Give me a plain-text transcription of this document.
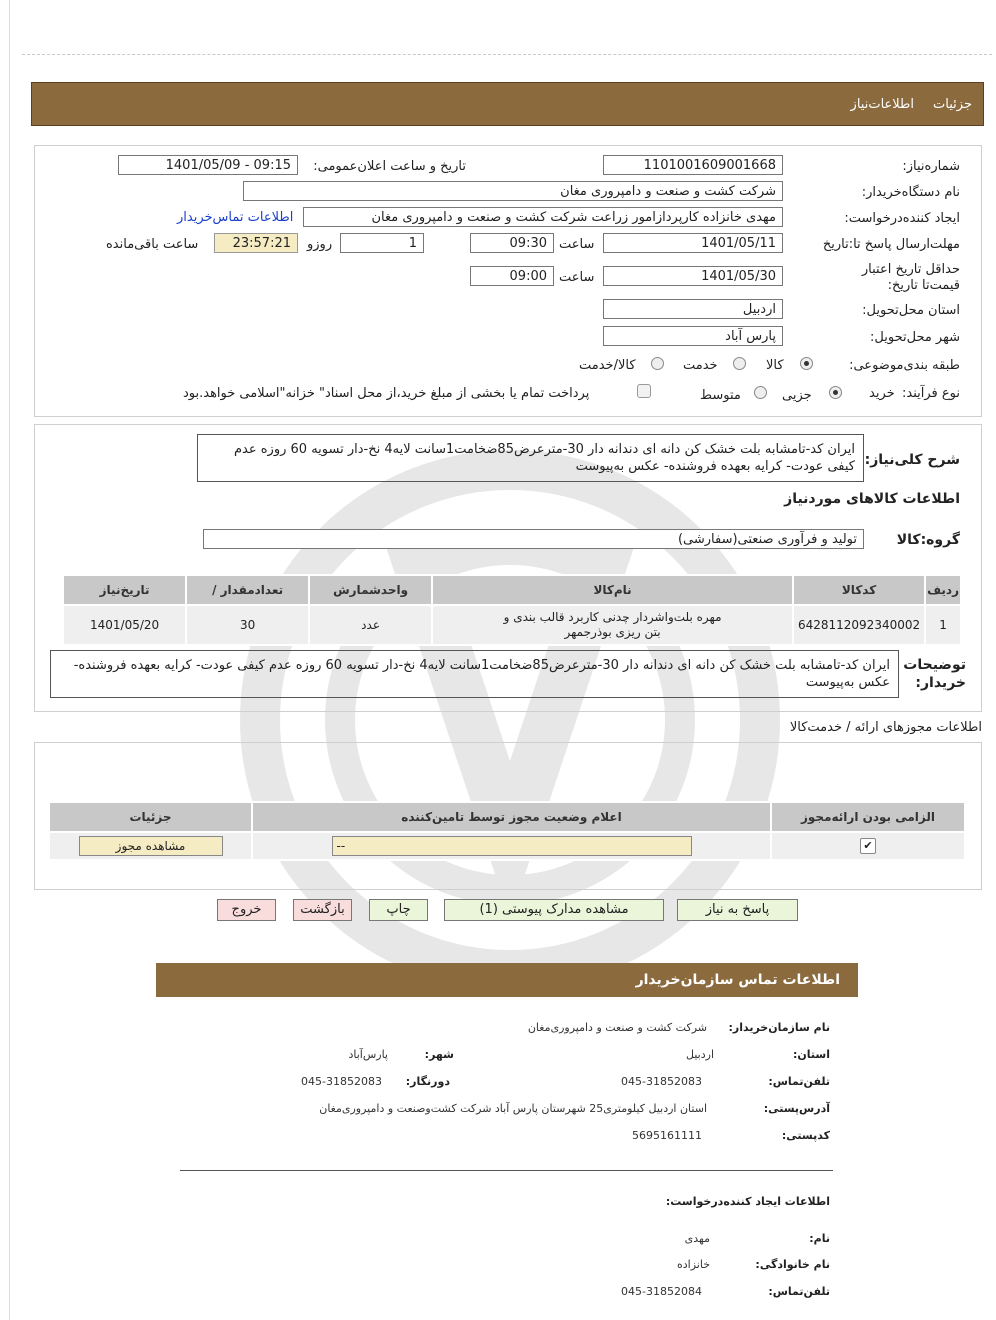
جزئیات
اطلاعات‌نیاز
شماره‌نیاز:
1101001609001668
تاریخ و ساعت اعلان‌عمومی:
1401/05/09 - 09:15
نام دستگاه‌خریدار:
شرکت کشت و صنعت و دامپروری مغان
ایجاد کننده‌درخواست:
مهدی خانزاده کارپردازامور زراعت شرکت کشت و صنعت و دامپروری مغان
اطلاعات تماس‌خریدار
مهلت‌ارسال پاسخ تا:تاریخ
1401/05/11
ساعت
09:30
1
روزو
23:57:21
ساعت باقی‌مانده
حداقل تاریخ اعتبار قیمت‌تا تاریخ:
1401/05/30
ساعت
09:00
استان محل‌تحویل:
اردبیل
شهر محل‌تحویل:
پارس آباد
طبقه بندی‌موضوعی:
کالا
خدمت
کالا/خدمت
نوع فرآیند:
خرید
جزیی
متوسط
پرداخت تمام یا بخشی از مبلغ خرید،از محل اسناد" خزانه"اسلامی خواهد.بود
شرح کلی‌نیاز:
ایران کد-تامشابه بلت خشک کن دانه ای دندانه دار 30-مترعرض85ضخامت1سانت لایه4 نخ-دار تسویه 60 روزه عدم کیفی عودت- کرایه بعهده فروشنده- عکس به‌پیوست
اطلاعات کالاهای موردنیاز
گروه:کالا
تولید و فرآوری صنعتی(سفارشی)
ردیف	کدکالا	نام‌کالا	واحدشمارش	تعدادمقدار /	تاریخ‌نیاز
1	6428112092340002	مهره بلت‌واشردار چدنی کاربرد قالب بندی و بتن ریزی بوذرجمهر	عدد	30	1401/05/20
توضیحات خریدار:
ایران کد-تامشابه بلت خشک کن دانه ای دندانه دار 30-مترعرض85ضخامت1سانت لایه4 نخ-دار تسویه 60 روزه عدم کیفی عودت- کرایه بعهده فروشنده- عکس به‌پیوست
اطلاعات مجوزهای ارائه / خدمت‌کالا
الزامی بودن ارائه‌مجوز	اعلام وضعیت مجوز توسط تامین‌کننده	جزئیات
✔	--	مشاهده مجوز
پاسخ به نیاز
مشاهده مدارک پیوستی (1)
چاپ
بازگشت
خروج
اطلاعات تماس سازمان‌خریدار
نام سازمان‌خریدار:
شرکت کشت و صنعت و دامپروری‌مغان
استان:
اردبیل
شهر:
پارس‌آباد
تلفن‌تماس:
045-31852083
دورنگار:
045-31852083
آدرس‌پستی:
استان اردبیل کیلومتری25 شهرستان پارس آباد شرکت کشت‌وصنعت و دامپروری‌مغان
کدپستی:
5695161111
اطلاعات ایجاد کننده‌درخواست:
نام:
مهدی
نام خانوادگی:
خانزاده
تلفن‌تماس:
045-31852084
